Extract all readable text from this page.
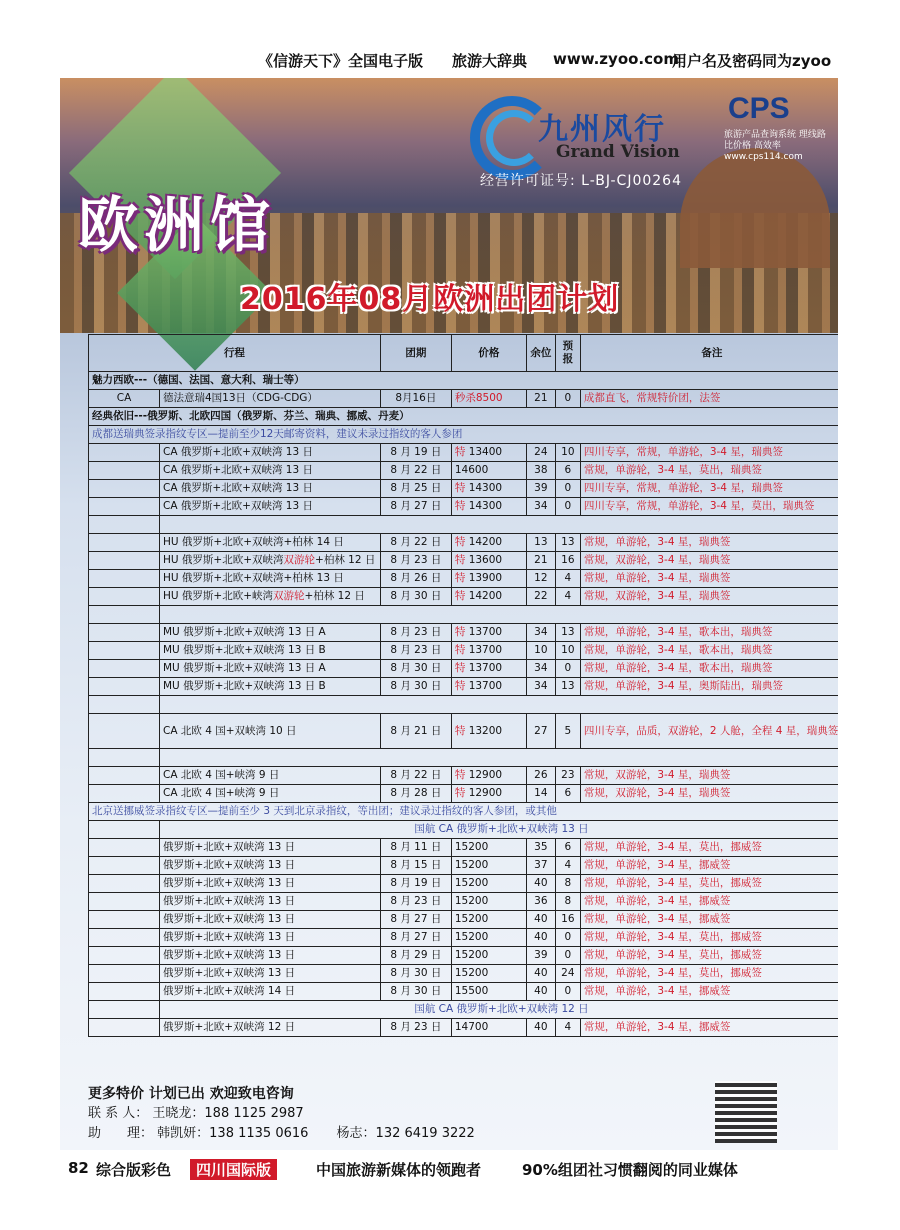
《信游天下》全国电子版 旅游大辞典 www.zyoo.com
用户名及密码同为zyoo
欧洲馆
九州风行
Grand Vision
CPS
旅游产品查询系统 理线路 比价格 高效率 www.cps114.com
经营许可证号: L-BJ-CJ00264
2016年08月欧洲出团计划
行程		团期	价格	余位	预报	备注
魅力西欧---（德国、法国、意大利、瑞士等）						
CA	德法意瑞4国13日（CDG-CDG）	8月16日	秒杀8500	21	0	成都直飞，常规特价团，法签
经典依旧---俄罗斯、北欧四国（俄罗斯、芬兰、瑞典、挪威、丹麦）						
成都送瑞典签录指纹专区—提前至少12天邮寄资料，建议未录过指纹的客人参团						
	CA 俄罗斯+北欧+双峡湾 13 日	8 月 19 日	特 13400	24	10	四川专享，常规，单游轮，3-4 星，瑞典签
	CA 俄罗斯+北欧+双峡湾 13 日	8 月 22 日	14600	38	6	常规，单游轮，3-4 星，莫出，瑞典签
	CA 俄罗斯+北欧+双峡湾 13 日	8 月 25 日	特 14300	39	0	四川专享，常规，单游轮，3-4 星，瑞典签
	CA 俄罗斯+北欧+双峡湾 13 日	8 月 27 日	特 14300	34	0	四川专享，常规，单游轮，3-4 星，莫出，瑞典签

	HU 俄罗斯+北欧+双峡湾+柏林 14 日	8 月 22 日	特 14200	13	13	常规，单游轮，3-4 星，瑞典签
	HU 俄罗斯+北欧+双峡湾双游轮+柏林 12 日	8 月 23 日	特 13600	21	16	常规，双游轮，3-4 星，瑞典签
	HU 俄罗斯+北欧+双峡湾+柏林 13 日	8 月 26 日	特 13900	12	4	常规，单游轮，3-4 星，瑞典签
	HU 俄罗斯+北欧+峡湾双游轮+柏林 12 日	8 月 30 日	特 14200	22	4	常规，双游轮，3-4 星，瑞典签

	MU 俄罗斯+北欧+双峡湾 13 日 A	8 月 23 日	特 13700	34	13	常规，单游轮，3-4 星，歌本出，瑞典签
	MU 俄罗斯+北欧+双峡湾 13 日 B	8 月 23 日	特 13700	10	10	常规，单游轮，3-4 星，歌本出，瑞典签
	MU 俄罗斯+北欧+双峡湾 13 日 A	8 月 30 日	特 13700	34	0	常规，单游轮，3-4 星，歌本出，瑞典签
	MU 俄罗斯+北欧+双峡湾 13 日 B	8 月 30 日	特 13700	34	13	常规，单游轮，3-4 星，奥斯陆出，瑞典签

	CA 北欧 4 国+双峡湾 10 日	8 月 21 日	特 13200	27	5	四川专享，品质，双游轮，2 人舱，全程 4 星，瑞典签

	CA 北欧 4 国+峡湾 9 日	8 月 22 日	特 12900	26	23	常规，双游轮，3-4 星，瑞典签
	CA 北欧 4 国+峡湾 9 日	8 月 28 日	特 12900	14	6	常规，双游轮，3-4 星，瑞典签
北京送挪威签录指纹专区—提前至少 3 天到北京录指纹，等出团；建议录过指纹的客人参团，或其他						
	国航 CA 俄罗斯+北欧+双峡湾 13 日					
	俄罗斯+北欧+双峡湾 13 日	8 月 11 日	15200	35	6	常规，单游轮，3-4 星，莫出，挪威签
	俄罗斯+北欧+双峡湾 13 日	8 月 15 日	15200	37	4	常规，单游轮，3-4 星，挪威签
	俄罗斯+北欧+双峡湾 13 日	8 月 19 日	15200	40	8	常规，单游轮，3-4 星，莫出，挪威签
	俄罗斯+北欧+双峡湾 13 日	8 月 23 日	15200	36	8	常规，单游轮，3-4 星，挪威签
	俄罗斯+北欧+双峡湾 13 日	8 月 27 日	15200	40	16	常规，单游轮，3-4 星，挪威签
	俄罗斯+北欧+双峡湾 13 日	8 月 27 日	15200	40	0	常规，单游轮，3-4 星，莫出，挪威签
	俄罗斯+北欧+双峡湾 13 日	8 月 29 日	15200	39	0	常规，单游轮，3-4 星，莫出，挪威签
	俄罗斯+北欧+双峡湾 13 日	8 月 30 日	15200	40	24	常规，单游轮，3-4 星，莫出，挪威签
	俄罗斯+北欧+双峡湾 14 日	8 月 30 日	15500	40	0	常规，单游轮，3-4 星，挪威签
	国航 CA 俄罗斯+北欧+双峡湾 12 日					
	俄罗斯+北欧+双峡湾 12 日	8 月 23 日	14700	40	4	常规，单游轮，3-4 星，挪威签
更多特价 计划已出 欢迎致电咨询
联 系 人： 王晓龙：188 1125 2987
助　　理： 韩凯妍：138 1135 0616 杨志：132 6419 3222
82 综合版彩色	四川国际版	中国旅游新媒体的领跑者	90%组团社习惯翻阅的同业媒体
